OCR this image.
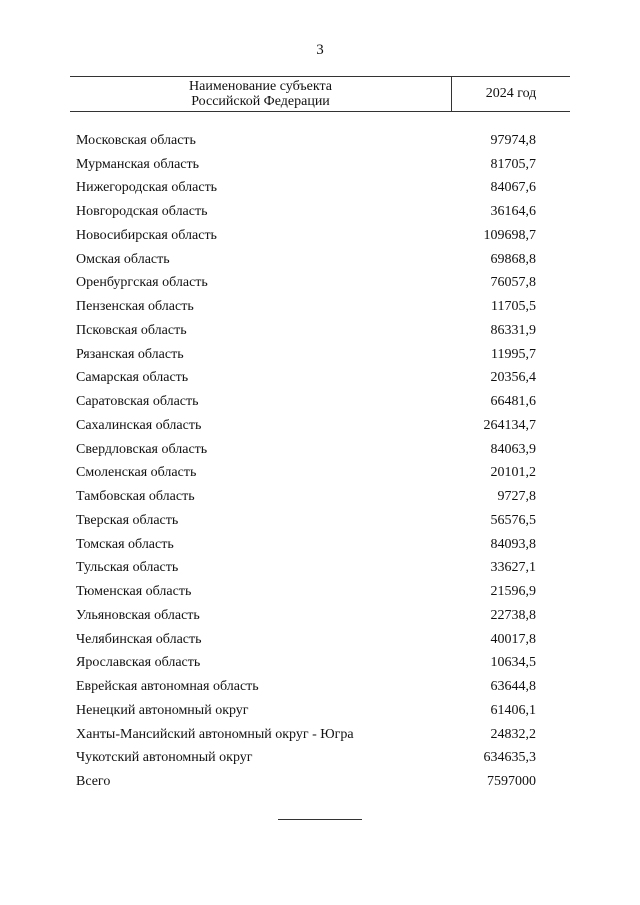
3
Наименование субъекта
Российской Федерации
2024 год
Московская область	97974,8
Мурманская область	81705,7
Нижегородская область	84067,6
Новгородская область	36164,6
Новосибирская область	109698,7
Омская область	69868,8
Оренбургская область	76057,8
Пензенская область	11705,5
Псковская область	86331,9
Рязанская область	11995,7
Самарская область	20356,4
Саратовская область	66481,6
Сахалинская область	264134,7
Свердловская область	84063,9
Смоленская область	20101,2
Тамбовская область	9727,8
Тверская область	56576,5
Томская область	84093,8
Тульская область	33627,1
Тюменская область	21596,9
Ульяновская область	22738,8
Челябинская область	40017,8
Ярославская область	10634,5
Еврейская автономная область	63644,8
Ненецкий автономный округ	61406,1
Ханты-Мансийский автономный округ - Югра	24832,2
Чукотский автономный округ	634635,3
Всего	7597000
